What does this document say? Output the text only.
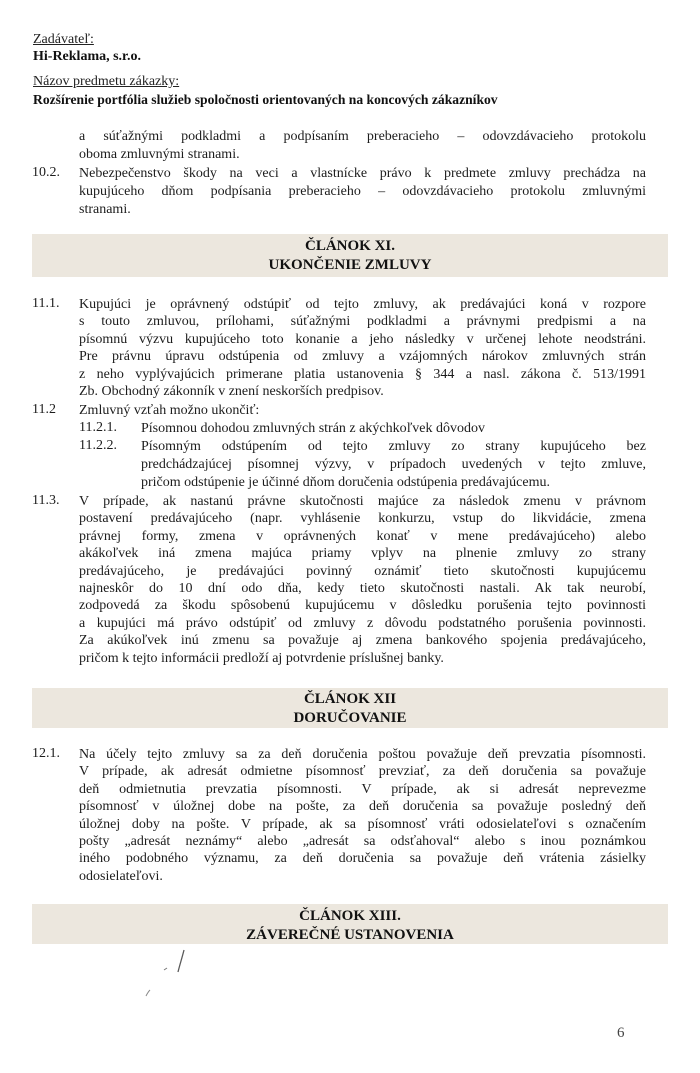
Zadávateľ:
Hi-Reklama, s.r.o.
Názov predmetu zákazky:
Rozšírenie portfólia služieb spoločnosti orientovaných na koncových zákazníkov
a súťažnými podkladmi a podpísaním preberacieho – odovzdávacieho protokolu
oboma zmluvnými stranami.
10.2. Nebezpečenstvo škody na veci a vlastnícke právo k predmete zmluvy prechádza na
kupujúceho dňom podpísania preberacieho – odovzdávacieho protokolu zmluvnými
stranami.
ČLÁNOK XI.
UKONČENIE ZMLUVY
11.1. Kupujúci je oprávnený odstúpiť od tejto zmluvy, ak predávajúci koná v rozpore
s touto zmluvou, prílohami, súťažnými podkladmi a právnymi predpismi a na
písomnú výzvu kupujúceho toto konanie a jeho následky v určenej lehote neodstráni.
Pre právnu úpravu odstúpenia od zmluvy a vzájomných nárokov zmluvných strán
z neho vyplývajúcich primerane platia ustanovenia § 344 a nasl. zákona č. 513/1991
Zb. Obchodný zákonník v znení neskorších predpisov.
11.2 Zmluvný vzťah možno ukončiť:
11.2.1. Písomnou dohodou zmluvných strán z akýchkoľvek dôvodov
11.2.2. Písomným odstúpením od tejto zmluvy zo strany kupujúceho bez
predchádzajúcej písomnej výzvy, v prípadoch uvedených v tejto zmluve,
pričom odstúpenie je účinné dňom doručenia odstúpenia predávajúcemu.
11.3. V prípade, ak nastanú právne skutočnosti majúce za následok zmenu v právnom
postavení predávajúceho (napr. vyhlásenie konkurzu, vstup do likvidácie, zmena
právnej formy, zmena v oprávnených konať v mene predávajúceho) alebo
akákoľvek iná zmena majúca priamy vplyv na plnenie zmluvy zo strany
predávajúceho, je predávajúci povinný oznámiť tieto skutočnosti kupujúcemu
najneskôr do 10 dní odo dňa, kedy tieto skutočnosti nastali. Ak tak neurobí,
zodpovedá za škodu spôsobenú kupujúcemu v dôsledku porušenia tejto povinnosti
a kupujúci má právo odstúpiť od zmluvy z dôvodu podstatného porušenia povinnosti.
Za akúkoľvek inú zmenu sa považuje aj zmena bankového spojenia predávajúceho,
pričom k tejto informácii predloží aj potvrdenie príslušnej banky.
ČLÁNOK XII
DORUČOVANIE
12.1. Na účely tejto zmluvy sa za deň doručenia poštou považuje deň prevzatia písomnosti.
V prípade, ak adresát odmietne písomnosť prevziať, za deň doručenia sa považuje
deň odmietnutia prevzatia písomnosti. V prípade, ak si adresát neprevezme
písomnosť v úložnej dobe na pošte, za deň doručenia sa považuje posledný deň
úložnej doby na pošte. V prípade, ak sa písomnosť vráti odosielateľovi s označením
pošty „adresát neznámy“ alebo „adresát sa odsťahoval“ alebo s inou poznámkou
iného podobného významu, za deň doručenia sa považuje deň vrátenia zásielky
odosielateľovi.
ČLÁNOK XIII.
ZÁVEREČNÉ USTANOVENIA
6
